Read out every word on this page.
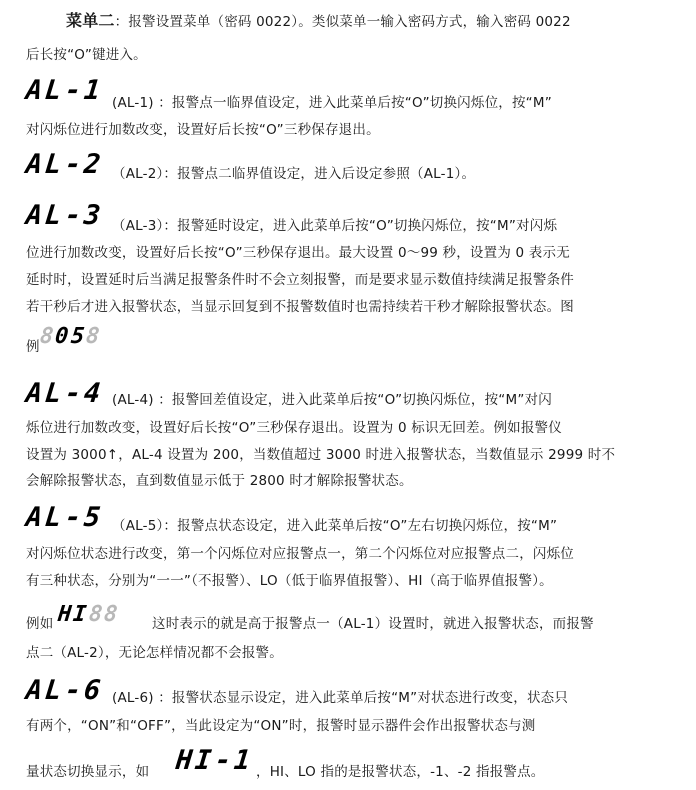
菜单二：报警设置菜单（密码 0022）。类似菜单一输入密码方式，输入密码 0022
后长按“O”键进入。
A L - 1 (AL-1) ：报警点一临界值设定，进入此菜单后按“O”切换闪烁位，按“M”
对闪烁位进行加数改变，设置好后长按“O”三秒保存退出。
A L - 2 （AL-2）：报警点二临界值设定，进入后设定参照（AL-1）。
A L - 3 （AL-3）：报警延时设定，进入此菜单后按“O”切换闪烁位，按“M”对闪烁
位进行加数改变，设置好后长按“O”三秒保存退出。最大设置 0～99 秒，设置为 0 表示无
延时时，设置延时后当满足报警条件时不会立刻报警，而是要求显示数值持续满足报警条件
若干秒后才进入报警状态，当显示回复到不报警数值时也需持续若干秒才解除报警状态。图
例 8 0 5 8
A L - 4 (AL-4) ：报警回差值设定，进入此菜单后按“O”切换闪烁位，按“M”对闪
烁位进行加数改变，设置好后长按“O”三秒保存退出。设置为 0 标识无回差。例如报警仪
设置为 3000↑，AL-4 设置为 200，当数值超过 3000 时进入报警状态，当数值显示 2999 时不
会解除报警状态，直到数值显示低于 2800 时才解除报警状态。
A L - 5 （AL-5）：报警点状态设定，进入此菜单后按“O”左右切换闪烁位，按“M”
对闪烁位状态进行改变，第一个闪烁位对应报警点一，第二个闪烁位对应报警点二，闪烁位
有三种状态，分别为“一一”（不报警）、LO（低于临界值报警）、HI（高于临界值报警）。
例如 H I 8 8 这时表示的就是高于报警点一（AL-1）设置时，就进入报警状态，而报警
点二（AL-2），无论怎样情况都不会报警。
A L - 6 (AL-6) ：报警状态显示设定，进入此菜单后按“M”对状态进行改变，状态只
有两个，“ON”和“OFF”，当此设定为“ON”时，报警时显示器件会作出报警状态与测
量状态切换显示，如 H I - 1 ，HI、LO 指的是报警状态，-1、-2 指报警点。
